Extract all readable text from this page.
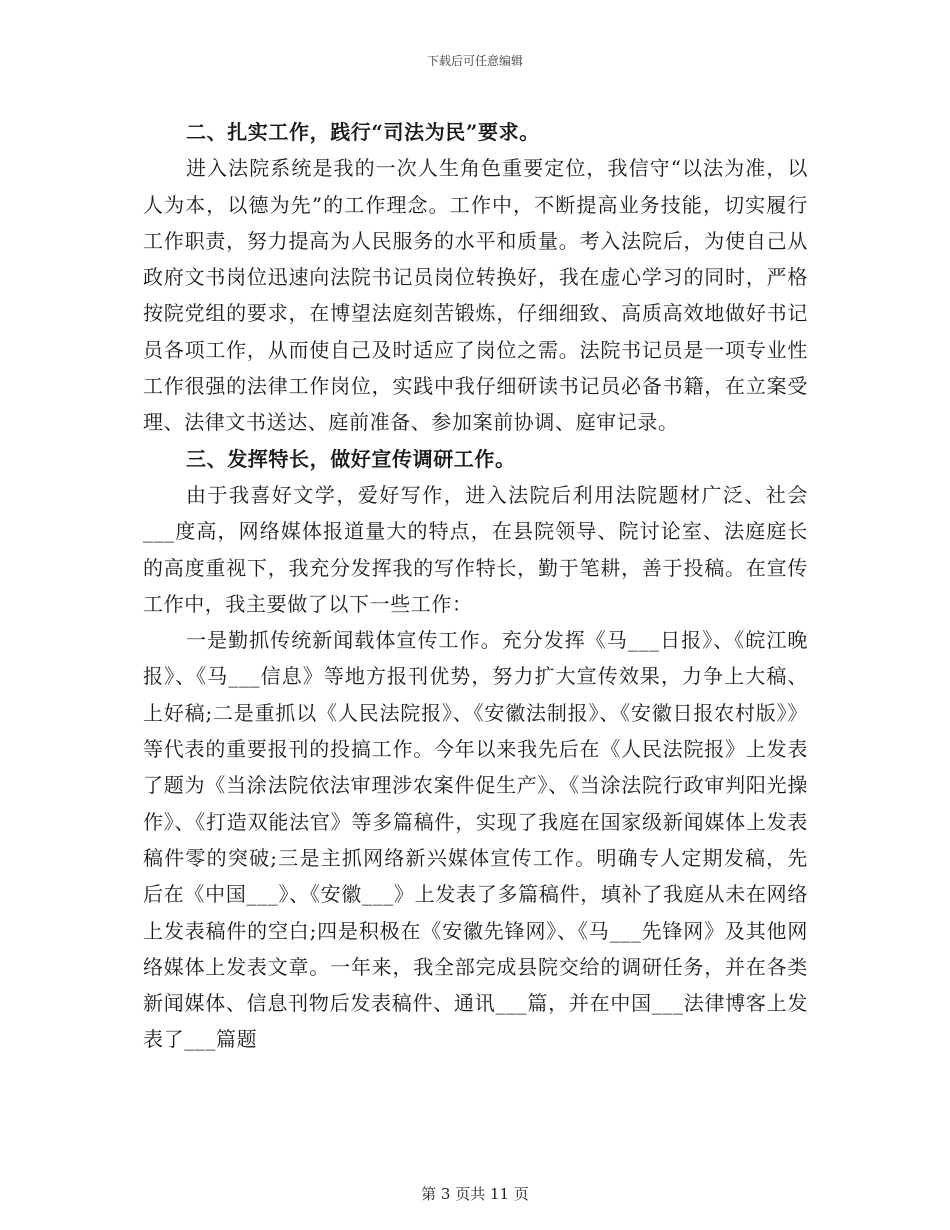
下载后可任意编辑

二、扎实工作，践行“司法为民”要求。

进入法院系统是我的一次人生角色重要定位，我信守“以法为准，以人为本，以德为先”的工作理念。工作中，不断提高业务技能，切实履行工作职责，努力提高为人民服务的水平和质量。考入法院后，为使自己从政府文书岗位迅速向法院书记员岗位转换好，我在虚心学习的同时，严格按院党组的要求，在博望法庭刻苦锻炼，仔细细致、高质高效地做好书记员各项工作，从而使自己及时适应了岗位之需。法院书记员是一项专业性工作很强的法律工作岗位，实践中我仔细研读书记员必备书籍，在立案受理、法律文书送达、庭前准备、参加案前协调、庭审记录。

三、发挥特长，做好宣传调研工作。

由于我喜好文学，爱好写作，进入法院后利用法院题材广泛、社会___度高，网络媒体报道量大的特点，在县院领导、院讨论室、法庭庭长的高度重视下，我充分发挥我的写作特长，勤于笔耕，善于投稿。在宣传工作中，我主要做了以下一些工作：

一是勤抓传统新闻载体宣传工作。充分发挥《马___日报》、《皖江晚报》、《马___信息》等地方报刊优势，努力扩大宣传效果，力争上大稿、上好稿;二是重抓以《人民法院报》、《安徽法制报》、《安徽日报农村版》》等代表的重要报刊的投搞工作。今年以来我先后在《人民法院报》上发表了题为《当涂法院依法审理涉农案件促生产》、《当涂法院行政审判阳光操作》、《打造双能法官》等多篇稿件，实现了我庭在国家级新闻媒体上发表稿件零的突破;三是主抓网络新兴媒体宣传工作。明确专人定期发稿，先后在《中国___》、《安徽___》上发表了多篇稿件，填补了我庭从未在网络上发表稿件的空白;四是积极在《安徽先锋网》、《马___先锋网》及其他网络媒体上发表文章。一年来，我全部完成县院交给的调研任务，并在各类新闻媒体、信息刊物后发表稿件、通讯___篇，并在中国___法律博客上发表了___篇题

第 3 页共 11 页
